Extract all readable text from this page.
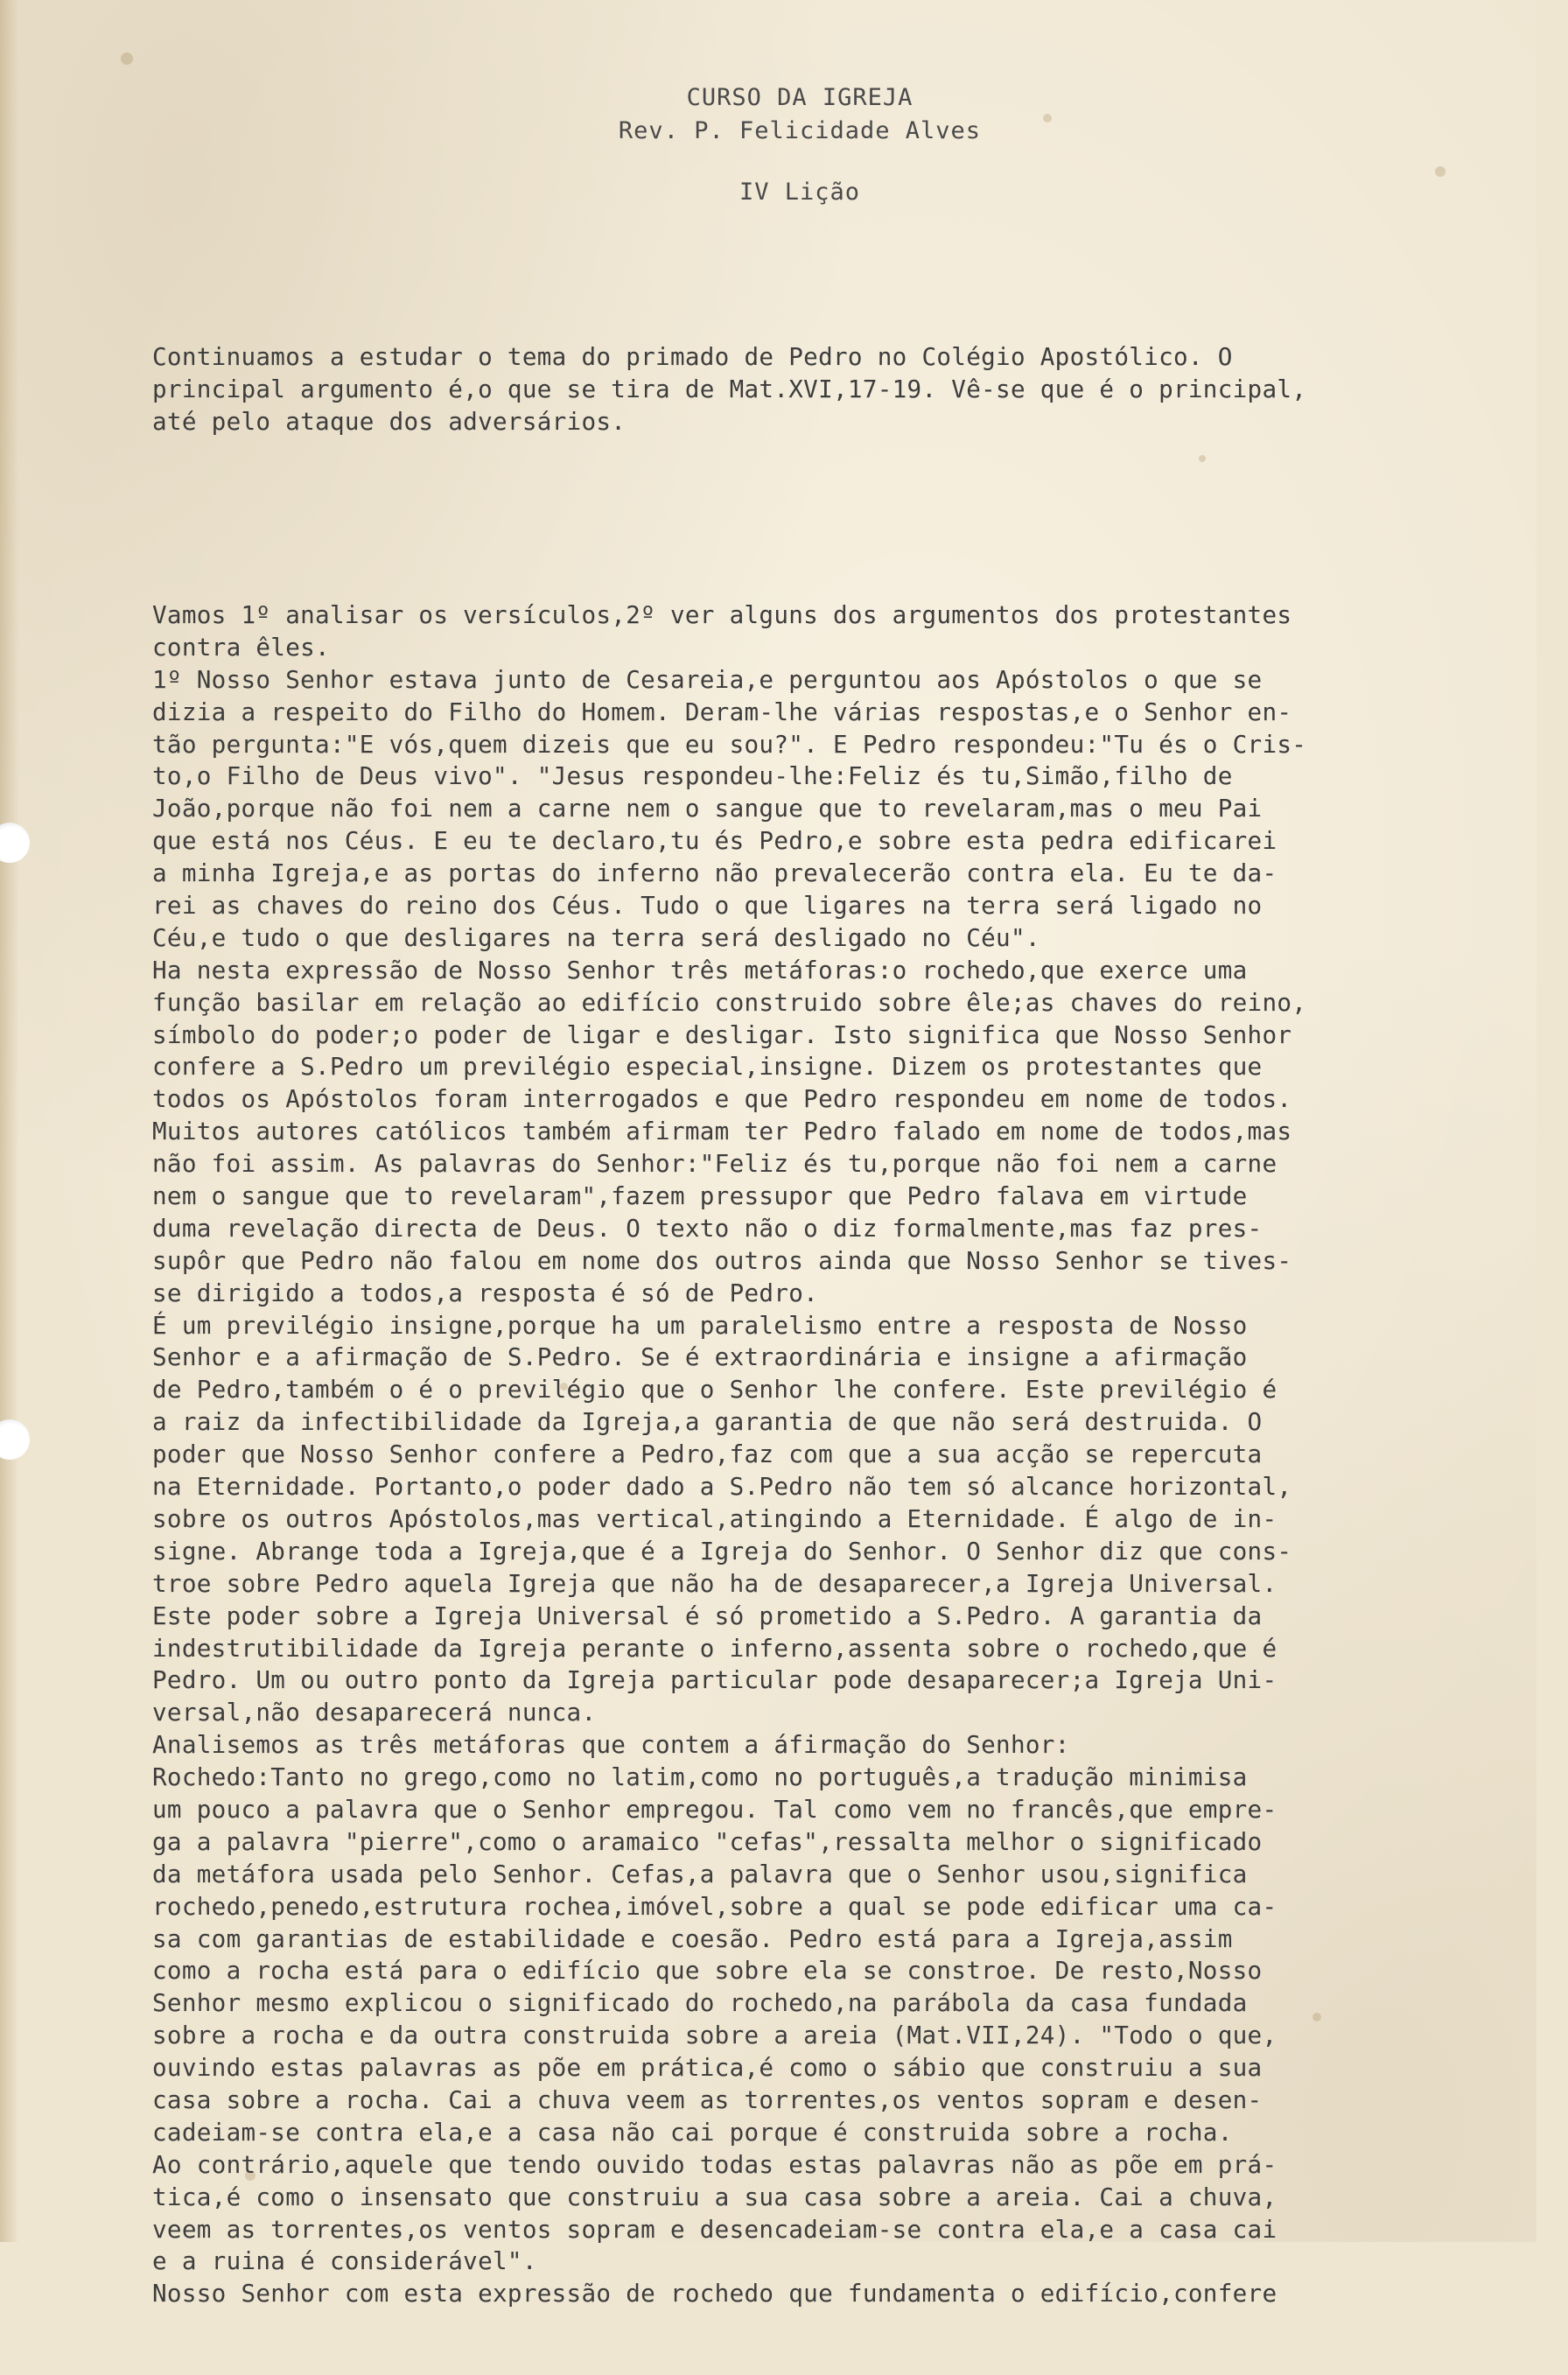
CURSO DA IGREJA
Rev. P. Felicidade Alves
IV Lição

Continuamos a estudar o tema do primado de Pedro no Colégio Apostólico. O
principal argumento é,o que se tira de Mat.XVI,17-19. Vê-se que é o principal,
até pelo ataque dos adversários.

Vamos 1º analisar os versículos,2º ver alguns dos argumentos dos protestantes
contra êles.
1º Nosso Senhor estava junto de Cesareia,e perguntou aos Apóstolos o que se
dizia a respeito do Filho do Homem. Deram-lhe várias respostas,e o Senhor en-
tão pergunta:"E vós,quem dizeis que eu sou?". E Pedro respondeu:"Tu és o Cris-
to,o Filho de Deus vivo". "Jesus respondeu-lhe:Feliz és tu,Simão,filho de
João,porque não foi nem a carne nem o sangue que to revelaram,mas o meu Pai
que está nos Céus. E eu te declaro,tu és Pedro,e sobre esta pedra edificarei
a minha Igreja,e as portas do inferno não prevalecerão contra ela. Eu te da-
rei as chaves do reino dos Céus. Tudo o que ligares na terra será ligado no
Céu,e tudo o que desligares na terra será desligado no Céu".
Ha nesta expressão de Nosso Senhor três metáforas:o rochedo,que exerce uma
função basilar em relação ao edifício construido sobre êle;as chaves do reino,
símbolo do poder;o poder de ligar e desligar. Isto significa que Nosso Senhor
confere a S.Pedro um previlégio especial,insigne. Dizem os protestantes que
todos os Apóstolos foram interrogados e que Pedro respondeu em nome de todos.
Muitos autores católicos também afirmam ter Pedro falado em nome de todos,mas
não foi assim. As palavras do Senhor:"Feliz és tu,porque não foi nem a carne
nem o sangue que to revelaram",fazem pressupor que Pedro falava em virtude
duma revelação directa de Deus. O texto não o diz formalmente,mas faz pres-
supôr que Pedro não falou em nome dos outros ainda que Nosso Senhor se tives-
se dirigido a todos,a resposta é só de Pedro.
É um previlégio insigne,porque ha um paralelismo entre a resposta de Nosso
Senhor e a afirmação de S.Pedro. Se é extraordinária e insigne a afirmação
de Pedro,também o é o previlégio que o Senhor lhe confere. Este previlégio é
a raiz da infectibilidade da Igreja,a garantia de que não será destruida. O
poder que Nosso Senhor confere a Pedro,faz com que a sua acção se repercuta
na Eternidade. Portanto,o poder dado a S.Pedro não tem só alcance horizontal,
sobre os outros Apóstolos,mas vertical,atingindo a Eternidade. É algo de in-
signe. Abrange toda a Igreja,que é a Igreja do Senhor. O Senhor diz que cons-
troe sobre Pedro aquela Igreja que não ha de desaparecer,a Igreja Universal.
Este poder sobre a Igreja Universal é só prometido a S.Pedro. A garantia da
indestrutibilidade da Igreja perante o inferno,assenta sobre o rochedo,que é
Pedro. Um ou outro ponto da Igreja particular pode desaparecer;a Igreja Uni-
versal,não desaparecerá nunca.
Analisemos as três metáforas que contem a áfirmação do Senhor:
Rochedo:Tanto no grego,como no latim,como no português,a tradução minimisa
um pouco a palavra que o Senhor empregou. Tal como vem no francês,que empre-
ga a palavra "pierre",como o aramaico "cefas",ressalta melhor o significado
da metáfora usada pelo Senhor. Cefas,a palavra que o Senhor usou,significa
rochedo,penedo,estrutura rochea,imóvel,sobre a qual se pode edificar uma ca-
sa com garantias de estabilidade e coesão. Pedro está para a Igreja,assim
como a rocha está para o edifício que sobre ela se constroe. De resto,Nosso
Senhor mesmo explicou o significado do rochedo,na parábola da casa fundada
sobre a rocha e da outra construida sobre a areia (Mat.VII,24). "Todo o que,
ouvindo estas palavras as põe em prática,é como o sábio que construiu a sua
casa sobre a rocha. Cai a chuva veem as torrentes,os ventos sopram e desen-
cadeiam-se contra ela,e a casa não cai porque é construida sobre a rocha.
Ao contrário,aquele que tendo ouvido todas estas palavras não as põe em prá-
tica,é como o insensato que construiu a sua casa sobre a areia. Cai a chuva,
veem as torrentes,os ventos sopram e desencadeiam-se contra ela,e a casa cai
e a ruina é considerável".
Nosso Senhor com esta expressão de rochedo que fundamenta o edifício,confere
